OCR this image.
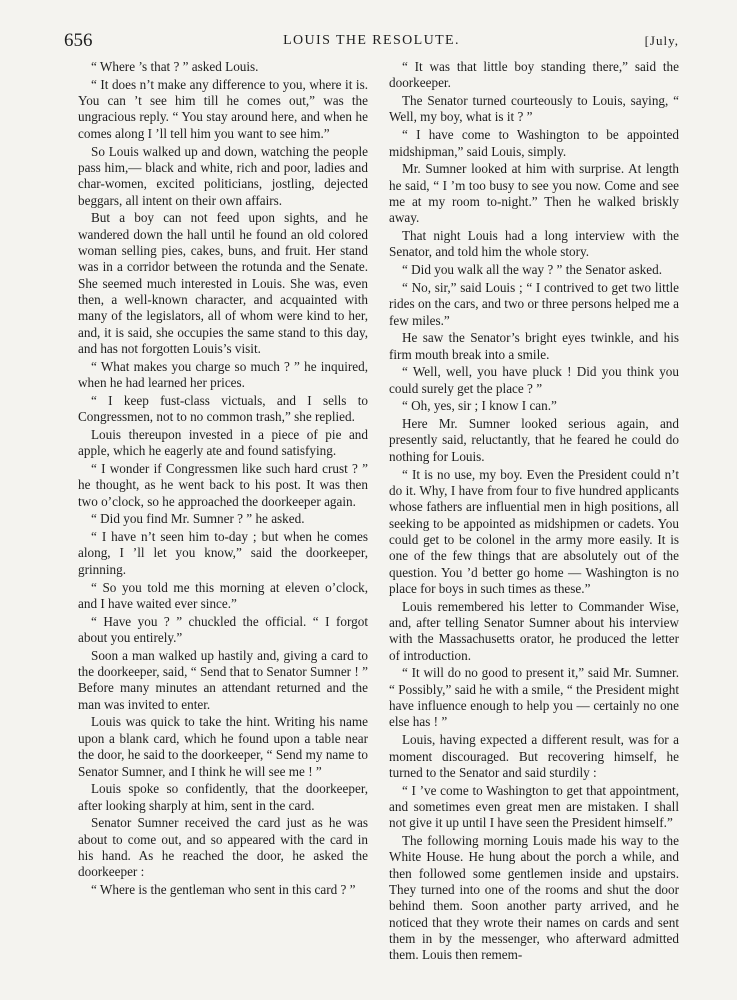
656	LOUIS THE RESOLUTE.	[July,

“ Where ’s that ? ” asked Louis.

“ It does n’t make any difference to you, where it is. You can ’t see him till he comes out,” was the ungracious reply. “ You stay around here, and when he comes along I ’ll tell him you want to see him.”

So Louis walked up and down, watching the people pass him,— black and white, rich and poor, ladies and char-women, excited politicians, jostling, dejected beggars, all intent on their own affairs.

But a boy can not feed upon sights, and he wandered down the hall until he found an old colored woman selling pies, cakes, buns, and fruit. Her stand was in a corridor between the rotunda and the Senate. She seemed much interested in Louis. She was, even then, a well-known character, and acquainted with many of the legislators, all of whom were kind to her, and, it is said, she occupies the same stand to this day, and has not forgotten Louis’s visit.

“ What makes you charge so much ? ” he inquired, when he had learned her prices.

“ I keep fust-class victuals, and I sells to Congressmen, not to no common trash,” she replied.

Louis thereupon invested in a piece of pie and apple, which he eagerly ate and found satisfying.

“ I wonder if Congressmen like such hard crust ? ” he thought, as he went back to his post. It was then two o’clock, so he approached the doorkeeper again.

“ Did you find Mr. Sumner ? ” he asked.

“ I have n’t seen him to-day ; but when he comes along, I ’ll let you know,” said the doorkeeper, grinning.

“ So you told me this morning at eleven o’clock, and I have waited ever since.”

“ Have you ? ” chuckled the official. “ I forgot about you entirely.”

Soon a man walked up hastily and, giving a card to the doorkeeper, said, “ Send that to Senator Sumner ! ” Before many minutes an attendant returned and the man was invited to enter.

Louis was quick to take the hint. Writing his name upon a blank card, which he found upon a table near the door, he said to the doorkeeper, “ Send my name to Senator Sumner, and I think he will see me ! ”

Louis spoke so confidently, that the doorkeeper, after looking sharply at him, sent in the card.

Senator Sumner received the card just as he was about to come out, and so appeared with the card in his hand. As he reached the door, he asked the doorkeeper :

“ Where is the gentleman who sent in this card ? ”

“ It was that little boy standing there,” said the doorkeeper.

The Senator turned courteously to Louis, saying, “ Well, my boy, what is it ? ”

“ I have come to Washington to be appointed midshipman,” said Louis, simply.

Mr. Sumner looked at him with surprise. At length he said, “ I ’m too busy to see you now. Come and see me at my room to-night.” Then he walked briskly away.

That night Louis had a long interview with the Senator, and told him the whole story.

“ Did you walk all the way ? ” the Senator asked.

“ No, sir,” said Louis ; “ I contrived to get two little rides on the cars, and two or three persons helped me a few miles.”

He saw the Senator’s bright eyes twinkle, and his firm mouth break into a smile.

“ Well, well, you have pluck ! Did you think you could surely get the place ? ”

“ Oh, yes, sir ; I know I can.”

Here Mr. Sumner looked serious again, and presently said, reluctantly, that he feared he could do nothing for Louis.

“ It is no use, my boy. Even the President could n’t do it. Why, I have from four to five hundred applicants whose fathers are influential men in high positions, all seeking to be appointed as midshipmen or cadets. You could get to be colonel in the army more easily. It is one of the few things that are absolutely out of the question. You ’d better go home — Washington is no place for boys in such times as these.”

Louis remembered his letter to Commander Wise, and, after telling Senator Sumner about his interview with the Massachusetts orator, he produced the letter of introduction.

“ It will do no good to present it,” said Mr. Sumner. “ Possibly,” said he with a smile, “ the President might have influence enough to help you — certainly no one else has ! ”

Louis, having expected a different result, was for a moment discouraged. But recovering himself, he turned to the Senator and said sturdily :

“ I ’ve come to Washington to get that appointment, and sometimes even great men are mistaken. I shall not give it up until I have seen the President himself.”

The following morning Louis made his way to the White House. He hung about the porch a while, and then followed some gentlemen inside and upstairs. They turned into one of the rooms and shut the door behind them. Soon another party arrived, and he noticed that they wrote their names on cards and sent them in by the messenger, who afterward admitted them. Louis then remem-
